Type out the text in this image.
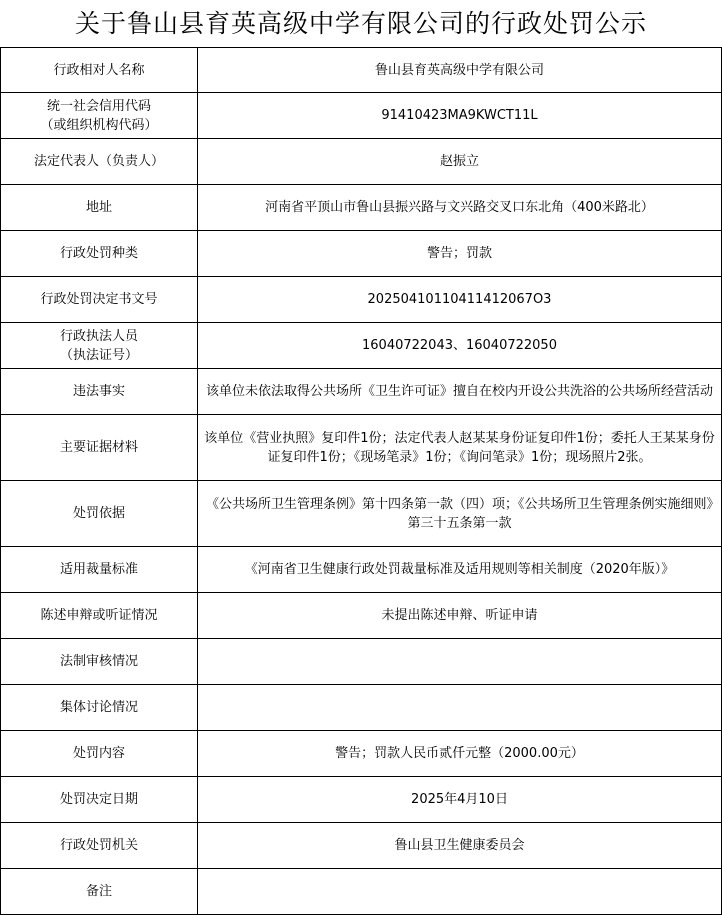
关于鲁山县育英高级中学有限公司的行政处罚公示
行政相对人名称	鲁山县育英高级中学有限公司
统一社会信用代码
（或组织机构代码）	91410423MA9KWCT11L
法定代表人（负责人）	赵振立
地址	河南省平顶山市鲁山县振兴路与文兴路交叉口东北角（400米路北）
行政处罚种类	警告；罚款
行政处罚决定书文号	20250410110411412067O3
行政执法人员
（执法证号）	16040722043、16040722050
违法事实	该单位未依法取得公共场所《卫生许可证》擅自在校内开设公共洗浴的公共场所经营活动
主要证据材料	该单位《营业执照》复印件1份；法定代表人赵某某身份证复印件1份；委托人王某某身份证复印件1份；《现场笔录》1份；《询问笔录》1份；现场照片2张。
处罚依据	《公共场所卫生管理条例》第十四条第一款（四）项；《公共场所卫生管理条例实施细则》第三十五条第一款
适用裁量标准	《河南省卫生健康行政处罚裁量标准及适用规则等相关制度（2020年版）》
陈述申辩或听证情况	未提出陈述申辩、听证申请
法制审核情况	
集体讨论情况	
处罚内容	警告；罚款人民币贰仟元整（2000.00元）
处罚决定日期	2025年4月10日
行政处罚机关	鲁山县卫生健康委员会
备注	
